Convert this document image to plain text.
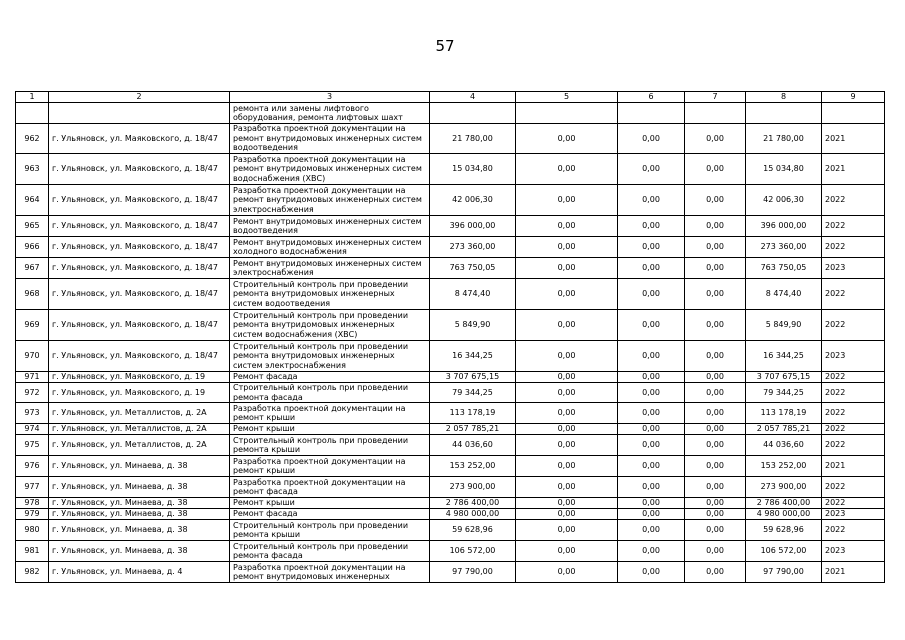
57
1	2	3	4	5	6	7	8	9
		ремонта или замены лифтового оборудования, ремонта лифтовых шахт						
962	г. Ульяновск, ул. Маяковского, д. 18/47	Разработка проектной документации на ремонт внутридомовых инженерных систем водоотведения	21 780,00	0,00	0,00	0,00	21 780,00	2021
963	г. Ульяновск, ул. Маяковского, д. 18/47	Разработка проектной документации на ремонт внутридомовых инженерных систем водоснабжения (ХВС)	15 034,80	0,00	0,00	0,00	15 034,80	2021
964	г. Ульяновск, ул. Маяковского, д. 18/47	Разработка проектной документации на ремонт внутридомовых инженерных систем электроснабжения	42 006,30	0,00	0,00	0,00	42 006,30	2022
965	г. Ульяновск, ул. Маяковского, д. 18/47	Ремонт внутридомовых инженерных систем водоотведения	396 000,00	0,00	0,00	0,00	396 000,00	2022
966	г. Ульяновск, ул. Маяковского, д. 18/47	Ремонт внутридомовых инженерных систем холодного водоснабжения	273 360,00	0,00	0,00	0,00	273 360,00	2022
967	г. Ульяновск, ул. Маяковского, д. 18/47	Ремонт внутридомовых инженерных систем электроснабжения	763 750,05	0,00	0,00	0,00	763 750,05	2023
968	г. Ульяновск, ул. Маяковского, д. 18/47	Строительный контроль при проведении ремонта внутридомовых инженерных систем водоотведения	8 474,40	0,00	0,00	0,00	8 474,40	2022
969	г. Ульяновск, ул. Маяковского, д. 18/47	Строительный контроль при проведении ремонта внутридомовых инженерных систем водоснабжения (ХВС)	5 849,90	0,00	0,00	0,00	5 849,90	2022
970	г. Ульяновск, ул. Маяковского, д. 18/47	Строительный контроль при проведении ремонта внутридомовых инженерных систем электроснабжения	16 344,25	0,00	0,00	0,00	16 344,25	2023
971	г. Ульяновск, ул. Маяковского, д. 19	Ремонт фасада	3 707 675,15	0,00	0,00	0,00	3 707 675,15	2022
972	г. Ульяновск, ул. Маяковского, д. 19	Строительный контроль при проведении ремонта фасада	79 344,25	0,00	0,00	0,00	79 344,25	2022
973	г. Ульяновск, ул. Металлистов, д. 2А	Разработка проектной документации на ремонт крыши	113 178,19	0,00	0,00	0,00	113 178,19	2022
974	г. Ульяновск, ул. Металлистов, д. 2А	Ремонт крыши	2 057 785,21	0,00	0,00	0,00	2 057 785,21	2022
975	г. Ульяновск, ул. Металлистов, д. 2А	Строительный контроль при проведении ремонта крыши	44 036,60	0,00	0,00	0,00	44 036,60	2022
976	г. Ульяновск, ул. Минаева, д. 38	Разработка проектной документации на ремонт крыши	153 252,00	0,00	0,00	0,00	153 252,00	2021
977	г. Ульяновск, ул. Минаева, д. 38	Разработка проектной документации на ремонт фасада	273 900,00	0,00	0,00	0,00	273 900,00	2022
978	г. Ульяновск, ул. Минаева, д. 38	Ремонт крыши	2 786 400,00	0,00	0,00	0,00	2 786 400,00	2022
979	г. Ульяновск, ул. Минаева, д. 38	Ремонт фасада	4 980 000,00	0,00	0,00	0,00	4 980 000,00	2023
980	г. Ульяновск, ул. Минаева, д. 38	Строительный контроль при проведении ремонта крыши	59 628,96	0,00	0,00	0,00	59 628,96	2022
981	г. Ульяновск, ул. Минаева, д. 38	Строительный контроль при проведении ремонта фасада	106 572,00	0,00	0,00	0,00	106 572,00	2023
982	г. Ульяновск, ул. Минаева, д. 4	Разработка проектной документации на ремонт внутридомовых инженерных	97 790,00	0,00	0,00	0,00	97 790,00	2021
